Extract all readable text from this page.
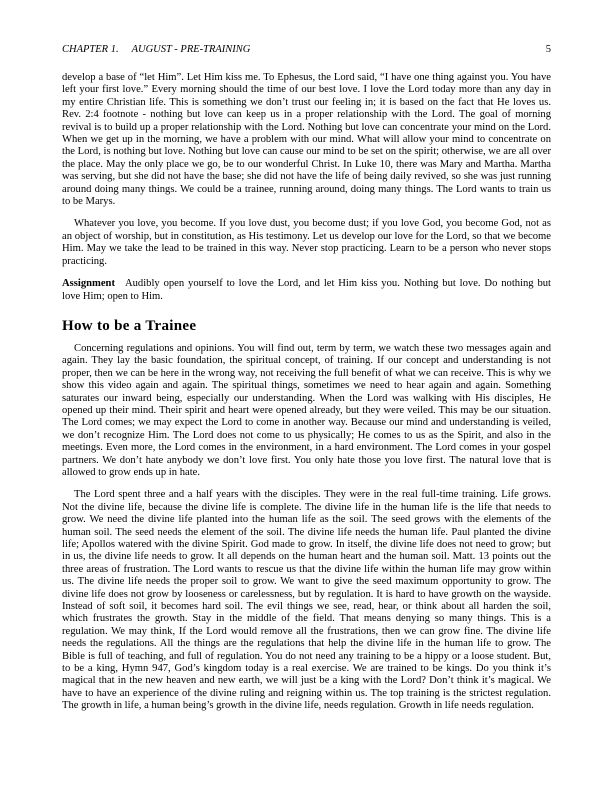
CHAPTER 1. AUGUST - PRE-TRAINING	5

develop a base of “let Him”. Let Him kiss me. To Ephesus, the Lord said, “I have one thing against you. You have left your first love.” Every morning should the time of our best love. I love the Lord today more than any day in my entire Christian life. This is something we don’t trust our feeling in; it is based on the fact that He loves us. Rev. 2:4 footnote - nothing but love can keep us in a proper relationship with the Lord. The goal of morning revival is to build up a proper relationship with the Lord. Nothing but love can concentrate your mind on the Lord. When we get up in the morning, we have a problem with our mind. What will allow your mind to concentrate on the Lord, is nothing but love. Nothing but love can cause our mind to be set on the spirit; otherwise, we are all over the place. May the only place we go, be to our wonderful Christ. In Luke 10, there was Mary and Martha. Martha was serving, but she did not have the base; she did not have the life of being daily revived, so she was just running around doing many things. We could be a trainee, running around, doing many things. The Lord wants to train us to be Marys.

Whatever you love, you become. If you love dust, you become dust; if you love God, you become God, not as an object of worship, but in constitution, as His testimony. Let us develop our love for the Lord, so that we become Him. May we take the lead to be trained in this way. Never stop practicing. Learn to be a person who never stops practicing.

Assignment Audibly open yourself to love the Lord, and let Him kiss you. Nothing but love. Do nothing but love Him; open to Him.

How to be a Trainee

Concerning regulations and opinions. You will find out, term by term, we watch these two messages again and again. They lay the basic foundation, the spiritual concept, of training. If our concept and understanding is not proper, then we can be here in the wrong way, not receiving the full benefit of what we can receive. This is why we show this video again and again. The spiritual things, sometimes we need to hear again and again. Something saturates our inward being, especially our understanding. When the Lord was walking with His disciples, He opened up their mind. Their spirit and heart were opened already, but they were veiled. This may be our situation. The Lord comes; we may expect the Lord to come in another way. Because our mind and understanding is veiled, we don’t recognize Him. The Lord does not come to us physically; He comes to us as the Spirit, and also in the meetings. Even more, the Lord comes in the environment, in a hard environment. The Lord comes in your gospel partners. We don’t hate anybody we don’t love first. You only hate those you love first. The natural love that is allowed to grow ends up in hate.

The Lord spent three and a half years with the disciples. They were in the real full-time training. Life grows. Not the divine life, because the divine life is complete. The divine life in the human life is the life that needs to grow. We need the divine life planted into the human life as the soil. The seed grows with the elements of the human soil. The seed needs the element of the soil. The divine life needs the human life. Paul planted the divine life; Apollos watered with the divine Spirit. God made to grow. In itself, the divine life does not need to grow; but in us, the divine life needs to grow. It all depends on the human heart and the human soil. Matt. 13 points out the three areas of frustration. The Lord wants to rescue us that the divine life within the human life may grow within us. The divine life needs the proper soil to grow. We want to give the seed maximum opportunity to grow. The divine life does not grow by looseness or carelessness, but by regulation. It is hard to have growth on the wayside. Instead of soft soil, it becomes hard soil. The evil things we see, read, hear, or think about all harden the soil, which frustrates the growth. Stay in the middle of the field. That means denying so many things. This is a regulation. We may think, If the Lord would remove all the frustrations, then we can grow fine. The divine life needs the regulations. All the things are the regulations that help the divine life in the human life to grow. The Bible is full of teaching, and full of regulation. You do not need any training to be a hippy or a loose student. But, to be a king, Hymn 947, God’s kingdom today is a real exercise. We are trained to be kings. Do you think it’s magical that in the new heaven and new earth, we will just be a king with the Lord? Don’t think it’s magical. We have to have an experience of the divine ruling and reigning within us. The top training is the strictest regulation. The growth in life, a human being’s growth in the divine life, needs regulation. Growth in life needs regulation.
